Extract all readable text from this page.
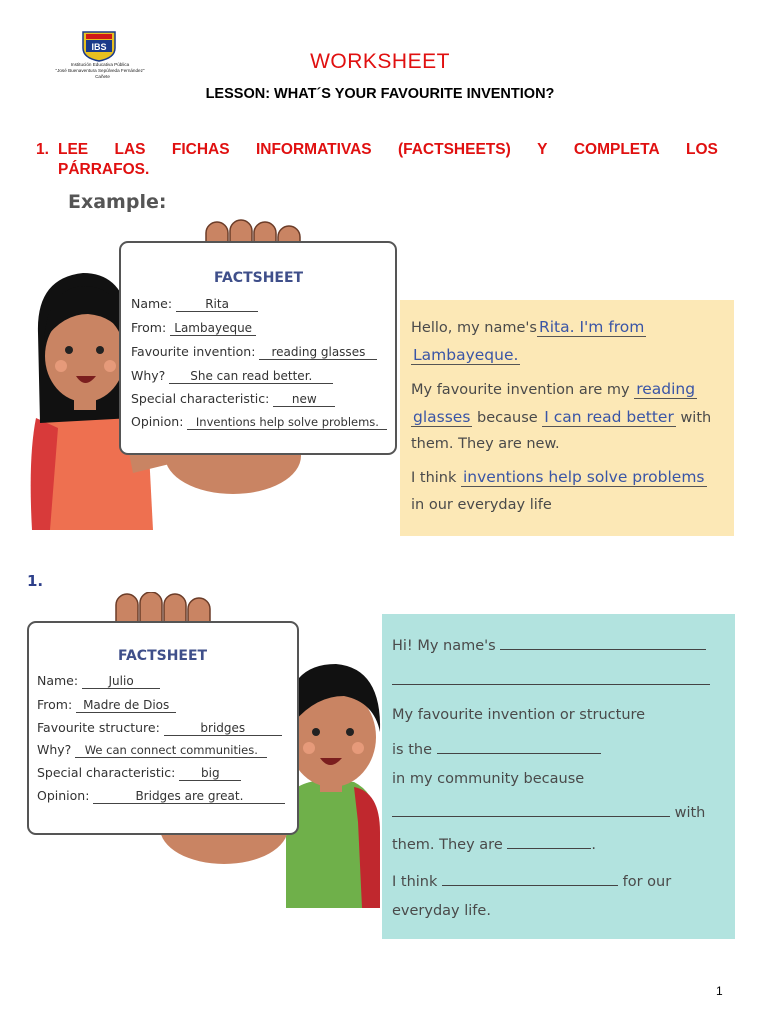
IBS
Institución Educativa Pública
"José Buenaventura Sepúlveda Fernández"
Cañete
WORKSHEET
LESSON: WHAT´S YOUR FAVOURITE INVENTION?
1. LEE LAS FICHAS INFORMATIVAS (FACTSHEETS) Y COMPLETA LOS
PÁRRAFOS.
Example:
FACTSHEET
Name:	Rita
From: Lambayeque
Favourite invention: reading glasses
Why? She can read better.
Special characteristic: new
Opinion: Inventions help solve problems.
Hello, my name's Rita. I'm from
Lambayeque.
My favourite invention are my reading
glasses because I can read better with
them. They are new.
I think inventions help solve problems
in our everyday life
1.
FACTSHEET
Name:	Julio
From: Madre de Dios
Favourite structure:	bridges
Why? We can connect communities.
Special characteristic: big
Opinion:	Bridges are great.
Hi! My name's
My favourite invention or structure
is the
in my community because
with
them. They are	.
I think	for our
everyday life.
1
